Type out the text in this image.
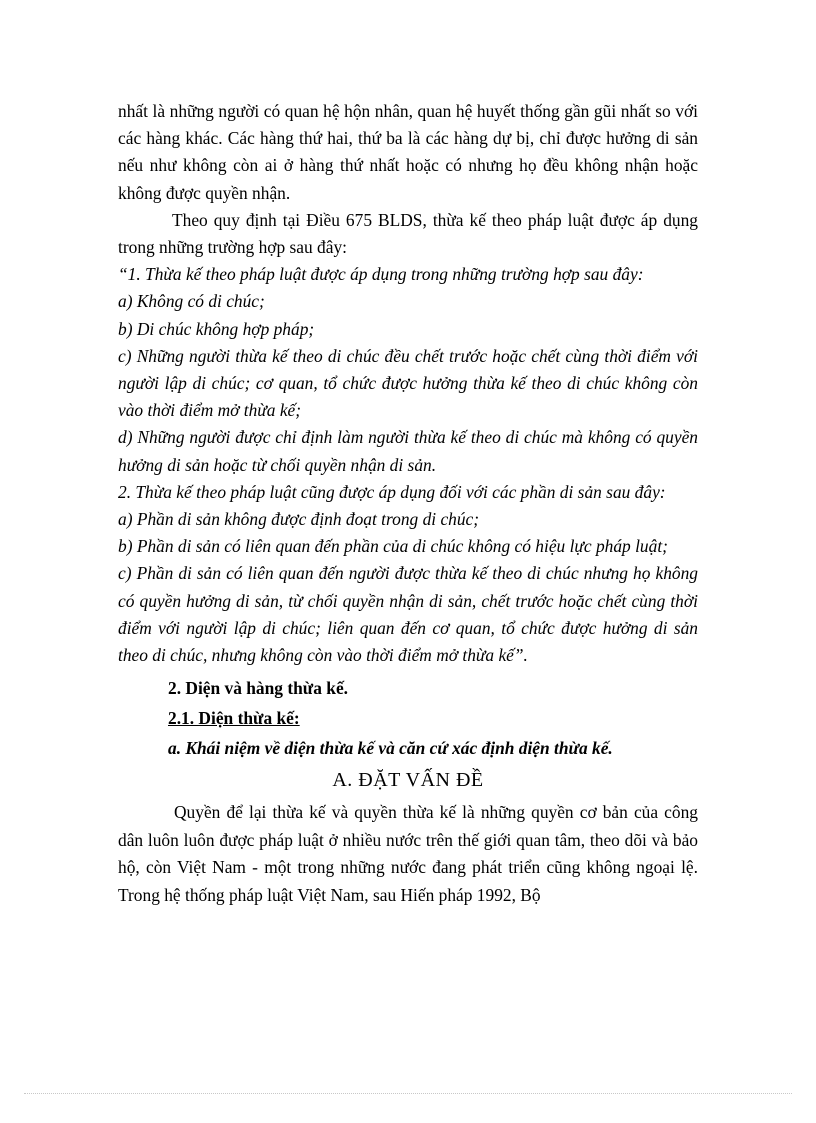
nhất là những người có quan hệ hộn nhân, quan hệ huyết thống gần gũi nhất so với các hàng khác. Các hàng thứ hai, thứ ba là các hàng dự bị, chỉ được hưởng di sản nếu như không còn ai ở hàng thứ nhất hoặc có nhưng họ đều không nhận hoặc không được quyền nhận.

Theo quy định tại Điều 675 BLDS, thừa kế theo pháp luật được áp dụng trong những trường hợp sau đây:

“1. Thừa kế theo pháp luật được áp dụng trong những trường hợp sau đây:

a) Không có di chúc;

b) Di chúc không hợp pháp;

c) Những người thừa kế theo di chúc đều chết trước hoặc chết cùng thời điểm với người lập di chúc; cơ quan, tổ chức được hưởng thừa kế theo di chúc không còn vào thời điểm mở thừa kế;

d) Những người được chỉ định làm người thừa kế theo di chúc mà không có quyền hưởng di sản hoặc từ chối quyền nhận di sản.

2. Thừa kế theo pháp luật cũng được áp dụng đối với các phần di sản sau đây:

a) Phần di sản không được định đoạt trong di chúc;

b) Phần di sản có liên quan đến phần của di chúc không có hiệu lực pháp luật;

c) Phần di sản có liên quan đến người được thừa kế theo di chúc nhưng họ không có quyền hưởng di sản, từ chối quyền nhận di sản, chết trước hoặc chết cùng thời điểm với người lập di chúc; liên quan đến cơ quan, tổ chức được hưởng di sản theo di chúc, nhưng không còn vào thời điểm mở thừa kế”.

2. Diện và hàng thừa kế.

2.1. Diện thừa kế:

a. Khái niệm về diện thừa kế và căn cứ xác định diện thừa kế.

A. ĐẶT VẤN ĐỀ

Quyền để lại thừa kế và quyền thừa kế là những quyền cơ bản của công dân luôn luôn được pháp luật ở nhiều nước trên thế giới quan tâm, theo dõi và bảo hộ, còn Việt Nam - một trong những nước đang phát triển cũng không ngoại lệ. Trong hệ thống pháp luật Việt Nam, sau Hiến pháp 1992, Bộ
